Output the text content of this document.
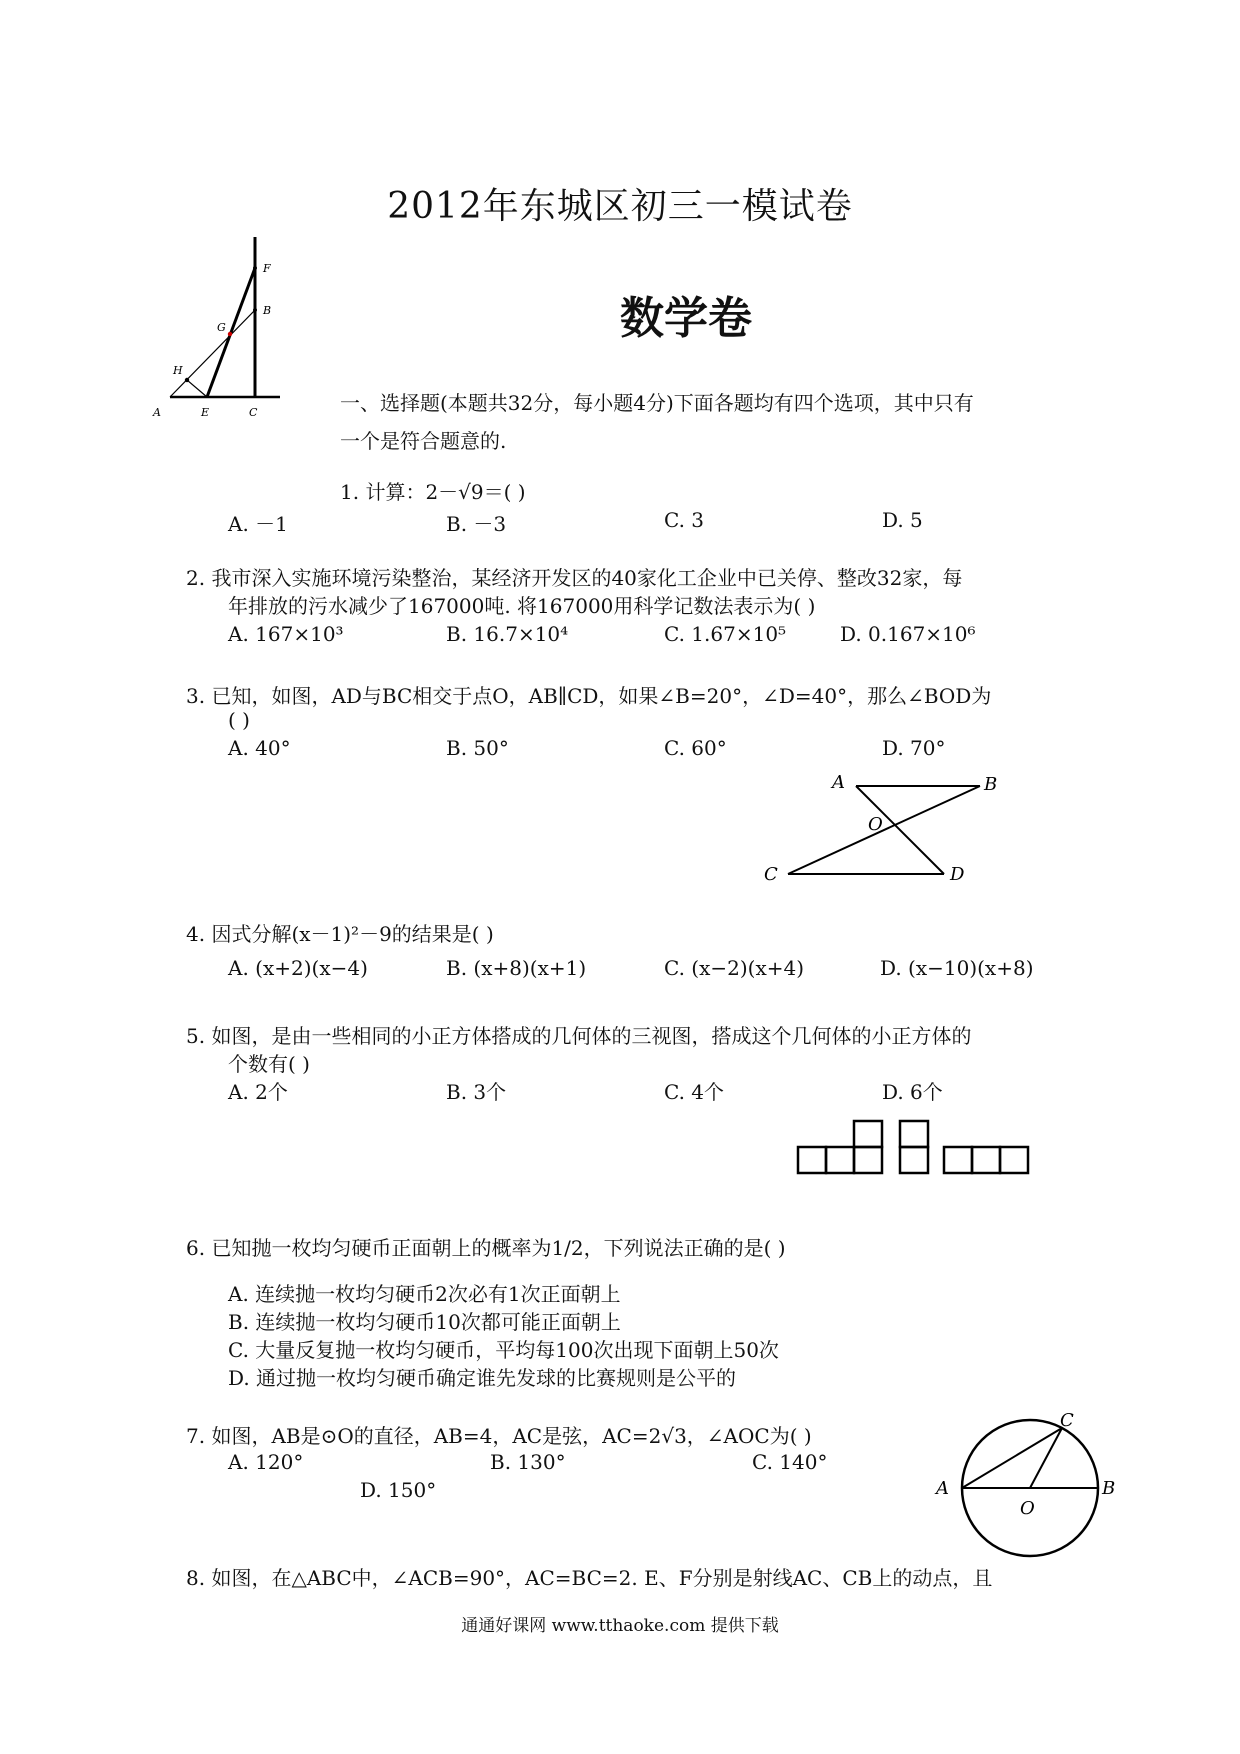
2012年东城区初三一模试卷
数学卷
F
B
G
H
A	E	C	一、选择题(本题共32分，每小题4分)下面各题均有四个选项，其中只有
一个是符合题意的.
1. 计算：2－√9＝( )
A. －1	B. －3	C. 3	D. 5
2. 我市深入实施环境污染整治，某经济开发区的40家化工企业中已关停、整改32家，每
年排放的污水减少了167000吨. 将167000用科学记数法表示为( )
A. 167×10³	B. 16.7×10⁴	C. 1.67×10⁵	D. 0.167×10⁶
3. 已知，如图，AD与BC相交于点O，AB∥CD，如果∠B=20°，∠D=40°，那么∠BOD为
( )
A. 40°	B. 50°	C. 60°	D. 70°
A	B
O
C	D
4. 因式分解(x－1)²－9的结果是( )
A. (x+2)(x−4)	B. (x+8)(x+1)	C. (x−2)(x+4)	D. (x−10)(x+8)
5. 如图，是由一些相同的小正方体搭成的几何体的三视图，搭成这个几何体的小正方体的
个数有( )
A. 2个	B. 3个	C. 4个	D. 6个
6. 已知抛一枚均匀硬币正面朝上的概率为1/2，下列说法正确的是( )
A. 连续抛一枚均匀硬币2次必有1次正面朝上
B. 连续抛一枚均匀硬币10次都可能正面朝上
C. 大量反复抛一枚均匀硬币，平均每100次出现下面朝上50次
D. 通过抛一枚均匀硬币确定谁先发球的比赛规则是公平的
7. 如图，AB是⊙O的直径，AB=4，AC是弦，AC=2√3，∠AOC为( )
A. 120°	B. 130°	C. 140°
D. 150°	A	B
O
C
8. 如图，在△ABC中，∠ACB=90°，AC=BC=2. E、F分别是射线AC、CB上的动点，且
通通好课网 www.tthaoke.com 提供下载
